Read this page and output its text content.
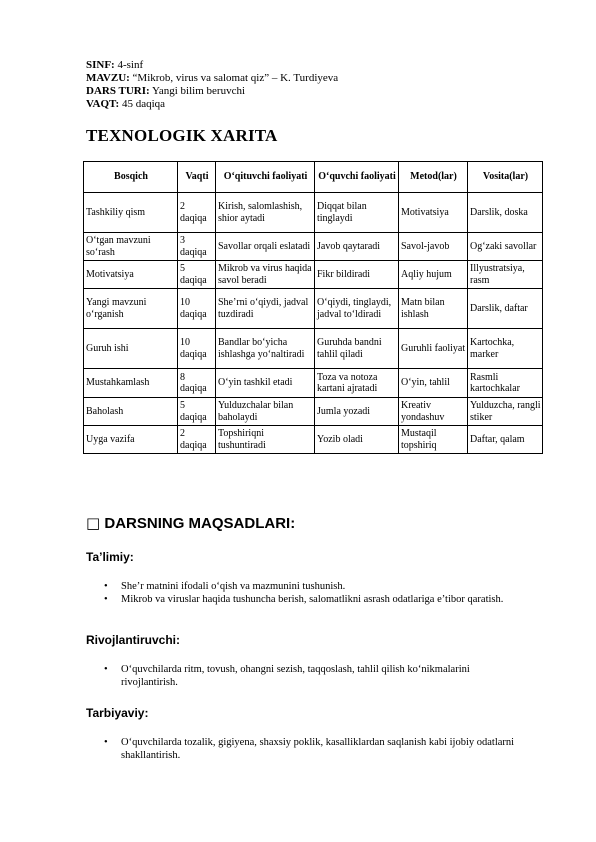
SINF: 4-sinf
MAVZU: “Mikrob, virus va salomat qiz” – K. Turdiyeva
DARS TURI: Yangi bilim beruvchi
VAQT: 45 daqiqa
TEXNOLOGIK XARITA
Bosqich	Vaqti	O‘qituvchi faoliyati	O‘quvchi faoliyati	Metod(lar)	Vosita(lar)
Tashkiliy qism	2 daqiqa	Kirish, salomlashish, shior aytadi	Diqqat bilan tinglaydi	Motivatsiya	Darslik, doska
O‘tgan mavzuni so‘rash	3 daqiqa	Savollar orqali eslatadi	Javob qaytaradi	Savol-javob	Og‘zaki savollar
Motivatsiya	5 daqiqa	Mikrob va virus haqida savol beradi	Fikr bildiradi	Aqliy hujum	Illyustratsiya, rasm
Yangi mavzuni o‘rganish	10 daqiqa	She’rni o‘qiydi, jadval tuzdiradi	O‘qiydi, tinglaydi, jadval to‘ldiradi	Matn bilan ishlash	Darslik, daftar
Guruh ishi	10 daqiqa	Bandlar bo‘yicha ishlashga yo‘naltiradi	Guruhda bandni tahlil qiladi	Guruhli faoliyat	Kartochka, marker
Mustahkamlash	8 daqiqa	O‘yin tashkil etadi	Toza va notoza kartani ajratadi	O‘yin, tahlil	Rasmli kartochkalar
Baholash	5 daqiqa	Yulduzchalar bilan baholaydi	Jumla yozadi	Kreativ yondashuv	Yulduzcha, rangli stiker
Uyga vazifa	2 daqiqa	Topshiriqni tushuntiradi	Yozib oladi	Mustaqil topshiriq	Daftar, qalam
□ DARSNING MAQSADLARI:
Ta’limiy:
• She’r matnini ifodali o‘qish va mazmunini tushunish.
• Mikrob va viruslar haqida tushuncha berish, salomatlikni asrash odatlariga e’tibor qaratish.
Rivojlantiruvchi:
• O‘quvchilarda ritm, tovush, ohangni sezish, taqqoslash, tahlil qilish ko‘nikmalarini rivojlantirish.
Tarbiyaviy:
• O‘quvchilarda tozalik, gigiyena, shaxsiy poklik, kasalliklardan saqlanish kabi ijobiy odatlarni shakllantirish.
